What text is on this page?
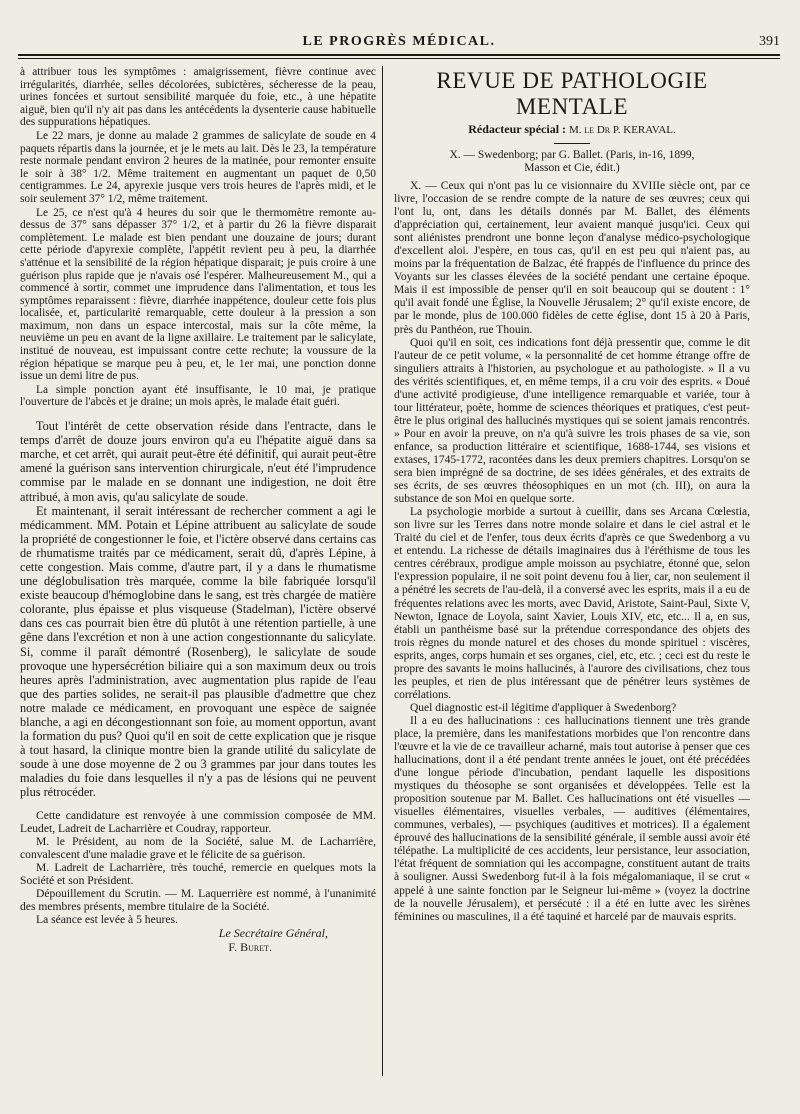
LE PROGRÈS MÉDICAL.	391

à attribuer tous les symptômes : amaigrissement, fièvre continue avec irrégularités, diarrhée, selles décolorées, subictères, sécheresse de la peau, urines foncées et surtout sensibilité marquée du foie, etc., à une hépatite aiguë, bien qu'il n'y ait pas dans les antécédents la dysenterie cause habituelle des suppurations hépatiques.

Le 22 mars, je donne au malade 2 grammes de salicylate de soude en 4 paquets répartis dans la journée, et je le mets au lait. Dès le 23, la température reste normale pendant environ 2 heures de la matinée, pour remonter ensuite le soir à 38° 1/2. Même traitement en augmentant un paquet de 0,50 centigrammes. Le 24, apyrexie jusque vers trois heures de l'après midi, et le soir seulement 37° 1/2, même traitement.

Le 25, ce n'est qu'à 4 heures du soir que le thermomètre remonte au-dessus de 37° sans dépasser 37° 1/2, et à partir du 26 la fièvre disparait complètement. Le malade est bien pendant une douzaine de jours; durant cette période d'apyrexie complète, l'appétit revient peu à peu, la diarrhée s'atténue et la sensibilité de la région hépatique disparait; je puis croire à une guérison plus rapide que je n'avais osé l'espérer. Malheureusement M., qui a commencé à sortir, commet une imprudence dans l'alimentation, et tous les symptômes reparaissent : fièvre, diarrhée inappétence, douleur cette fois plus localisée, et, particularité remarquable, cette douleur à la pression a son maximum, non dans un espace intercostal, mais sur la côte même, la neuvième un peu en avant de la ligne axillaire. Le traitement par le salicylate, institué de nouveau, est impuissant contre cette rechute; la voussure de la région hépatique se marque peu à peu, et, le 1er mai, une ponction donne issue un demi litre de pus.

La simple ponction ayant été insuffisante, le 10 mai, je pratique l'ouverture de l'abcès et je draine; un mois après, le malade était guéri.

Tout l'intérêt de cette observation réside dans l'entracte, dans le temps d'arrêt de douze jours environ qu'a eu l'hépatite aiguë dans sa marche, et cet arrêt, qui aurait peut-être été définitif, qui aurait peut-être amené la guérison sans intervention chirurgicale, n'eut été l'imprudence commise par le malade en se donnant une indigestion, ne doit être attribué, à mon avis, qu'au salicylate de soude.

Et maintenant, il serait intéressant de rechercher comment a agi le médicamment. MM. Potain et Lépine attribuent au salicylate de soude la propriété de congestionner le foie, et l'ictère observé dans certains cas de rhumatisme traités par ce médicament, serait dû, d'après Lépine, à cette congestion. Mais comme, d'autre part, il y a dans le rhumatisme une déglobulisation très marquée, comme la bile fabriquée lorsqu'il existe beaucoup d'hémoglobine dans le sang, est très chargée de matière colorante, plus épaisse et plus visqueuse (Stadelman), l'ictère observé dans ces cas pourrait bien être dû plutôt à une rétention partielle, à une gêne dans l'excrétion et non à une action congestionnante du salicylate. Si, comme il paraît démontré (Rosenberg), le salicylate de soude provoque une hypersécrétion biliaire qui a son maximum deux ou trois heures après l'administration, avec augmentation plus rapide de l'eau que des parties solides, ne serait-il pas plausible d'admettre que chez notre malade ce médicament, en provoquant une espèce de saignée blanche, a agi en décongestionnant son foie, au moment opportun, avant la formation du pus? Quoi qu'il en soit de cette explication que je risque à tout hasard, la clinique montre bien la grande utilité du salicylate de soude à une dose moyenne de 2 ou 3 grammes par jour dans toutes les maladies du foie dans lesquelles il n'y a pas de lésions qui ne peuvent plus rétrocéder.

Cette candidature est renvoyée à une commission composée de MM. Leudet, Ladreit de Lacharrière et Coudray, rapporteur.

M. le Président, au nom de la Société, salue M. de Lacharrière, convalescent d'une maladie grave et le félicite de sa guérison.

M. Ladreit de Lacharrière, très touché, remercie en quelques mots la Société et son Président.

Dépouillement du Scrutin. — M. Laquerrière est nommé, à l'unanimité des membres présents, membre titulaire de la Société.

La séance est levée à 5 heures.

Le Secrétaire Général,

F. Buret.

REVUE DE PATHOLOGIE MENTALE
Rédacteur spécial : M. le Dr P. KERAVAL.
X. — Swedenborg; par G. Ballet. (Paris, in-16, 1899,
Masson et Cie, édit.)

X. — Ceux qui n'ont pas lu ce visionnaire du XVIIIe siècle ont, par ce livre, l'occasion de se rendre compte de la nature de ses œuvres; ceux qui l'ont lu, ont, dans les détails donnés par M. Ballet, des éléments d'appréciation qui, certainement, leur avaient manqué jusqu'ici. Ceux qui sont aliénistes prendront une bonne leçon d'analyse médico-psychologique d'excellent aloi. J'espère, en tous cas, qu'il en est peu qui n'aient pas, au moins par la fréquentation de Balzac, été frappés de l'influence du prince des Voyants sur les classes élevées de la société pendant une certaine époque. Mais il est impossible de penser qu'il en soit beaucoup qui se doutent : 1° qu'il avait fondé une Église, la Nouvelle Jérusalem; 2° qu'il existe encore, de par le monde, plus de 100.000 fidèles de cette église, dont 15 à 20 à Paris, près du Panthéon, rue Thouin.

Quoi qu'il en soit, ces indications font déjà pressentir que, comme le dit l'auteur de ce petit volume, « la personnalité de cet homme étrange offre de singuliers attraits à l'historien, au psychologue et au pathologiste. » Il a vu des vérités scientifiques, et, en même temps, il a cru voir des esprits. « Doué d'une activité prodigieuse, d'une intelligence remarquable et variée, tour à tour littérateur, poète, homme de sciences théoriques et pratiques, c'est peut-être le plus original des hallucinés mystiques qui se soient jamais rencontrés. » Pour en avoir la preuve, on n'a qu'à suivre les trois phases de sa vie, son enfance, sa production littéraire et scientifique, 1688-1744, ses visions et extases, 1745-1772, racontées dans les deux premiers chapitres. Lorsqu'on se sera bien imprégné de sa doctrine, de ses idées générales, et des extraits de ses écrits, de ses œuvres théosophiques en un mot (ch. III), on aura la substance de son Moi en quelque sorte.

La psychologie morbide a surtout à cueillir, dans ses Arcana Cœlestia, son livre sur les Terres dans notre monde solaire et dans le ciel astral et le Traité du ciel et de l'enfer, tous deux écrits d'après ce que Swedenborg a vu et entendu. La richesse de détails imaginaires dus à l'éréthisme de tous les centres cérébraux, prodigue ample moisson au psychiatre, étonné que, selon l'expression populaire, il ne soit point devenu fou à lier, car, non seulement il a pénétré les secrets de l'au-delà, il a conversé avec les esprits, mais il a eu de fréquentes relations avec les morts, avec David, Aristote, Saint-Paul, Sixte V, Newton, Ignace de Loyola, saint Xavier, Louis XIV, etc, etc... Il a, en sus, établi un panthéisme basé sur la prétendue correspondance des objets des trois règnes du monde naturel et des choses du monde spirituel : viscères, esprits, anges, corps humain et ses organes, ciel, etc, etc. ; ceci est du reste le propre des savants le moins hallucinés, à l'aurore des civilisations, chez tous les peuples, et rien de plus intéressant que de pénétrer leurs systèmes de corrélations.

Quel diagnostic est-il légitime d'appliquer à Swedenborg?

Il a eu des hallucinations : ces hallucinations tiennent une très grande place, la première, dans les manifestations morbides que l'on rencontre dans l'œuvre et la vie de ce travailleur acharné, mais tout autorise à penser que ces hallucinations, dont il a été pendant trente années le jouet, ont été précédées d'une longue période d'incubation, pendant laquelle les dispositions mystiques du théosophe se sont organisées et développées. Telle est la proposition soutenue par M. Ballet. Ces hallucinations ont été visuelles — visuelles élémentaires, visuelles verbales, — auditives (élémentaires, communes, verbales), — psychiques (auditives et motrices). Il a également éprouvé des hallucinations de la sensibilité générale, il semble aussi avoir été télépathe. La multiplicité de ces accidents, leur persistance, leur association, l'état fréquent de somniation qui les accompagne, constituent autant de traits à souligner. Aussi Swedenborg fut-il à la fois mégalomaniaque, il se crut « appelé à une sainte fonction par le Seigneur lui-même » (voyez la doctrine de la nouvelle Jérusalem), et persécuté : il a été en lutte avec les sirènes féminines ou masculines, il a été taquiné et harcelé par de mauvais esprits.
